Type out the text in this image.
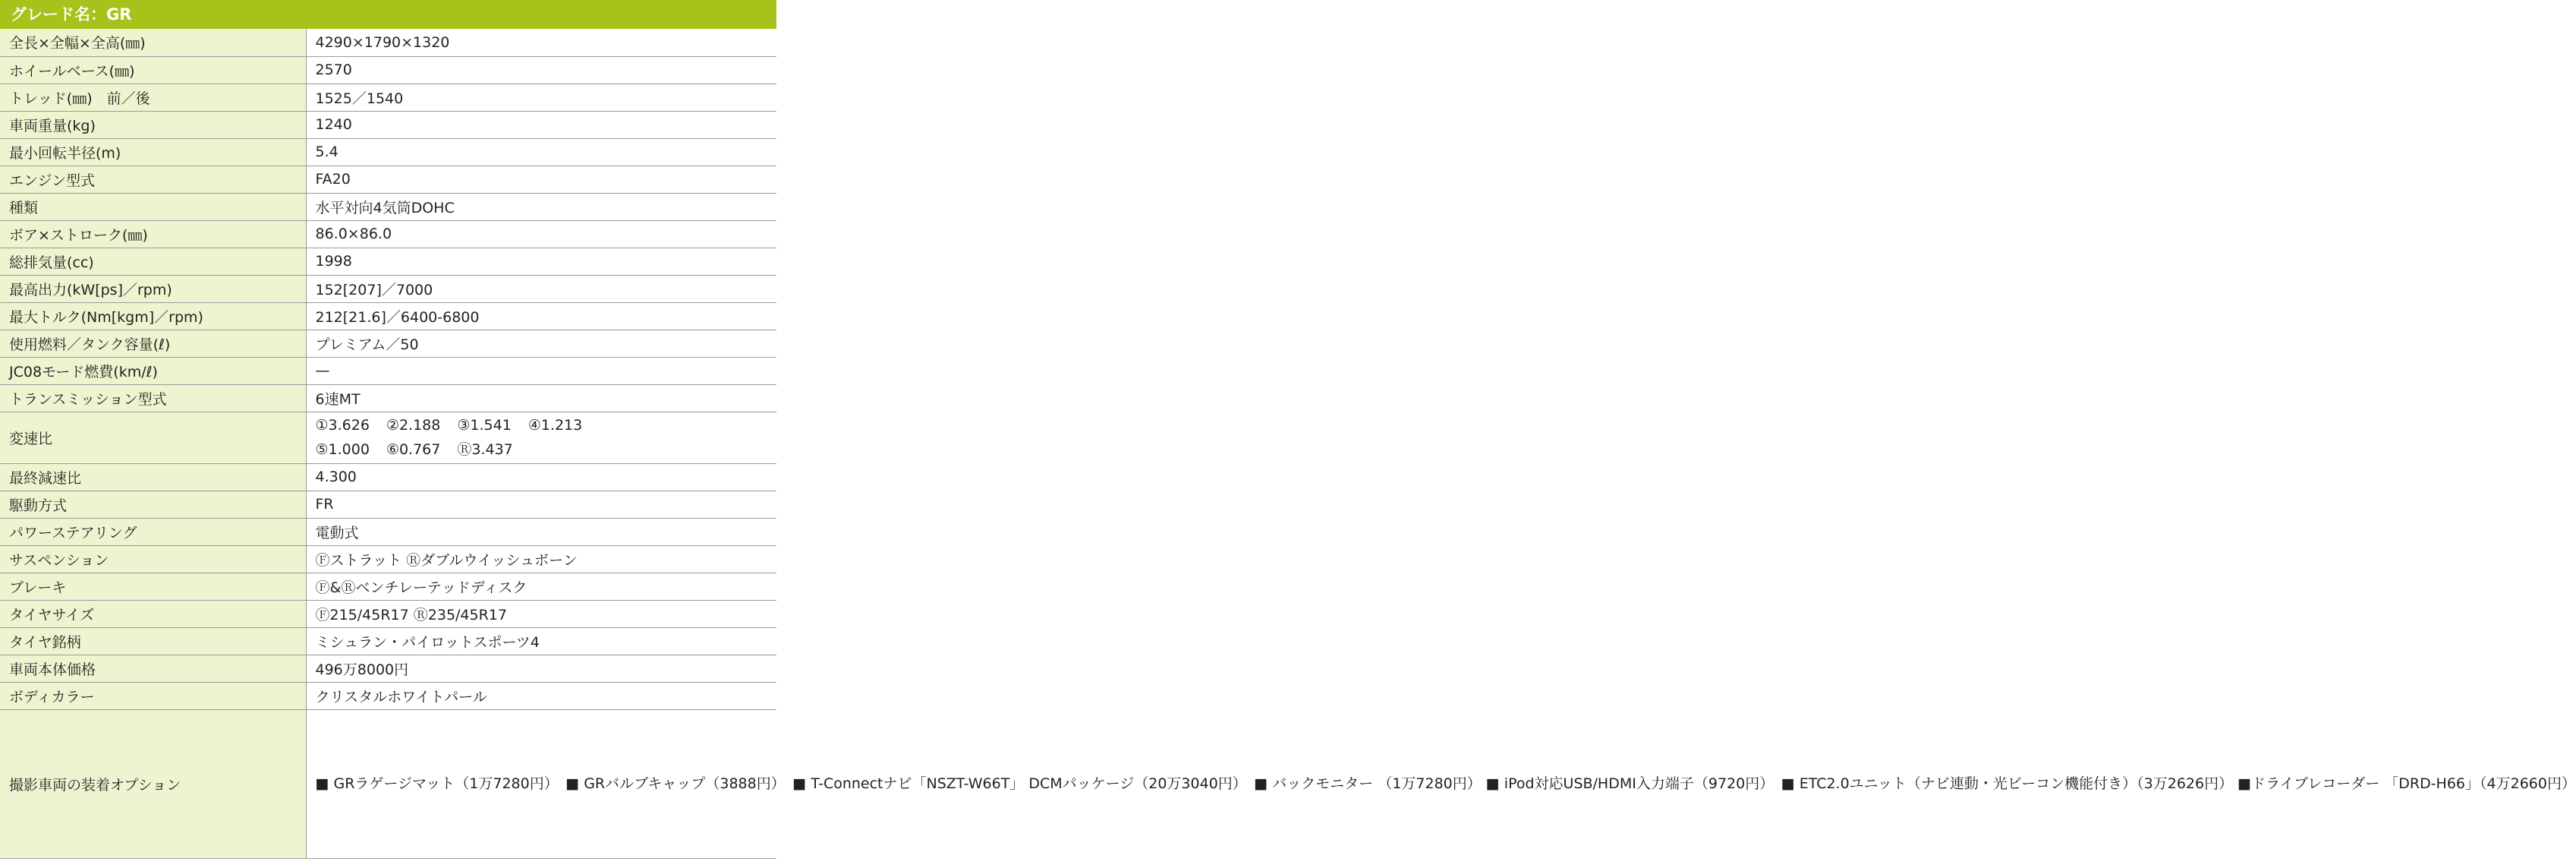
グレード名：GR
全長×全幅×全高(㎜)	4290×1790×1320
ホイールベース(㎜)	2570
トレッド(㎜)　前／後	1525／1540
車両重量(kg)	1240
最小回転半径(m)	5.4
エンジン型式	FA20
種類	水平対向4気筒DOHC
ボア×ストローク(㎜)	86.0×86.0
総排気量(cc)	1998
最高出力(kW[ps]／rpm)	152[207]／7000
最大トルク(Nm[kgm]／rpm)	212[21.6]／6400-6800
使用燃料／タンク容量(ℓ)	プレミアム／50
JC08モード燃費(km/ℓ)	—
トランスミッション型式	6速MT
変速比	①3.626 ②2.188 ③1.541 ④1.213
⑤1.000 ⑥0.767 Ⓡ3.437

最終減速比	4.300
駆動方式	FR
パワーステアリング	電動式
サスペンション	Ⓕストラット Ⓡダブルウイッシュボーン
ブレーキ	Ⓕ&Ⓡベンチレーテッドディスク
タイヤサイズ	Ⓕ215/45R17 Ⓡ235/45R17
タイヤ銘柄	ミシュラン・パイロットスポーツ4
車両本体価格	496万8000円
ボディカラー	クリスタルホワイトパール
撮影車両の装着オプション	■ GRラゲージマット（1万7280円）　■ GRバルブキャップ（3888円）　■ T-Connectナビ「NSZT-W66T」 DCMパッケージ（20万3040円）　■ バックモニター （1万7280円） ■ iPod対応USB/HDMI入力端子（9720円）　■ ETC2.0ユニット（ナビ連動・光ビーコン機能付き）（3万2626円） ■ドライブレコーダー 「DRD-H66」（4万2660円）
